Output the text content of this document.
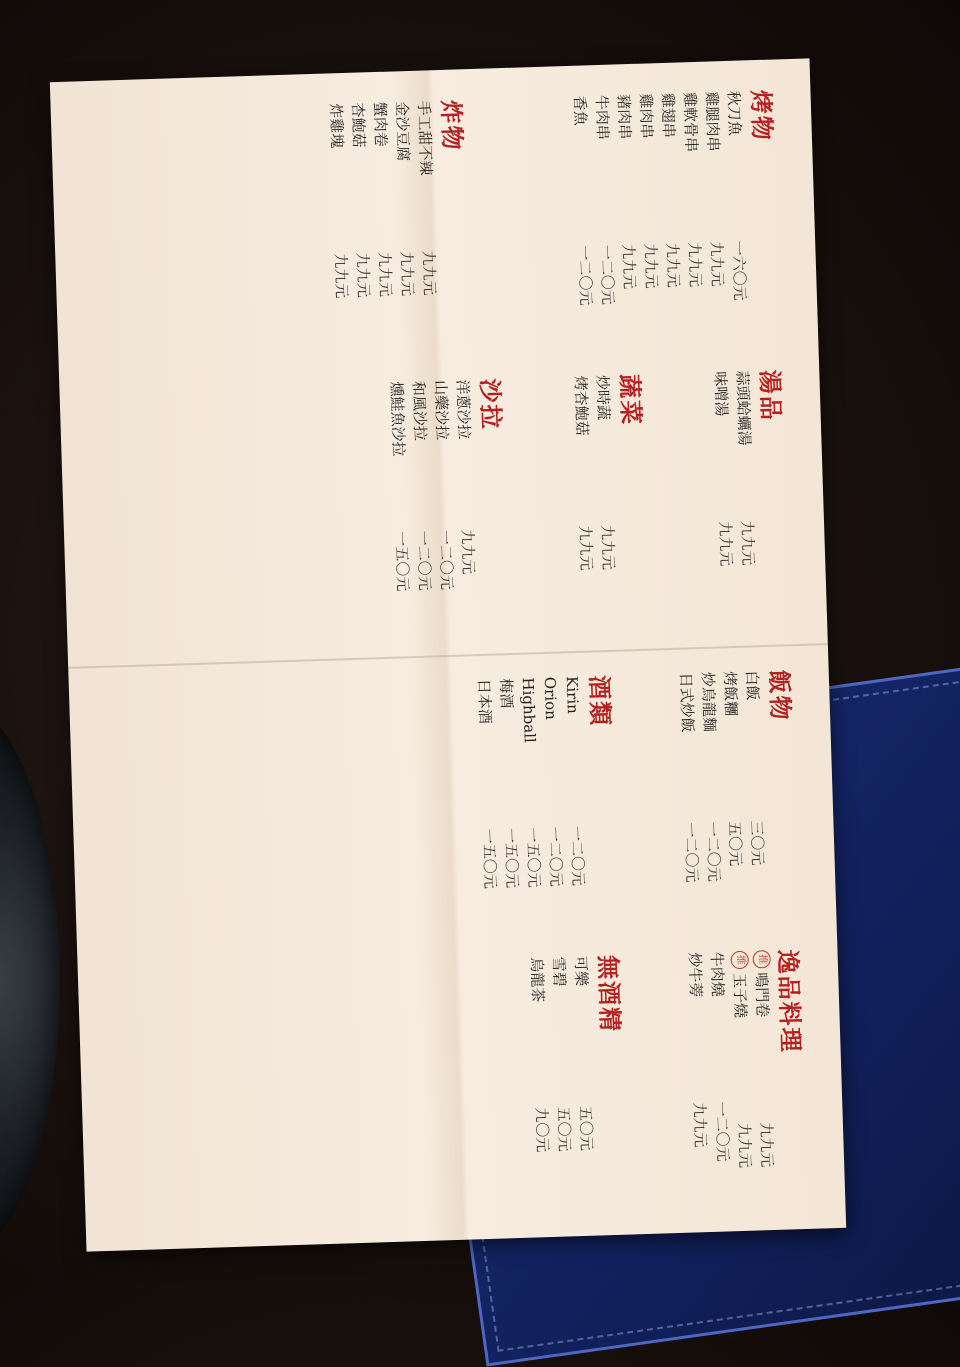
烤物
秋刀魚
一六〇元
雞腿肉串
九九元
雞軟骨串
九九元
雞翅串
九九元
雞肉串
九九元
豬肉串
九九元
牛肉串
一二〇元
香魚
一二〇元
炸物
手工甜不辣
九九元
金沙豆腐
九九元
蟹肉卷
九九元
杏鮑菇
九九元
炸雞塊
九九元
湯品
蒜頭蛤蠣湯
九九元
味噌湯
九九元
蔬菜
炒時蔬
九九元
烤杏鮑菇
九九元
沙拉
洋蔥沙拉
九九元
山藥沙拉
一二〇元
和風沙拉
一二〇元
燻鮭魚沙拉
一五〇元
飯物
白飯
三〇元
烤飯糰
五〇元
炒烏龍麵
一二〇元
日式炒飯
一二〇元
酒類
Kirin
一二〇元
Orion
一二〇元
Highball
一五〇元
梅酒
一五〇元
日本酒
一五〇元
逸品料理
推
鳴門卷
九九元
推
玉子燒
九九元
牛肉燒
一二〇元
炒牛蒡
九九元
無酒精
可樂
五〇元
雪碧
五〇元
烏龍茶
九〇元
